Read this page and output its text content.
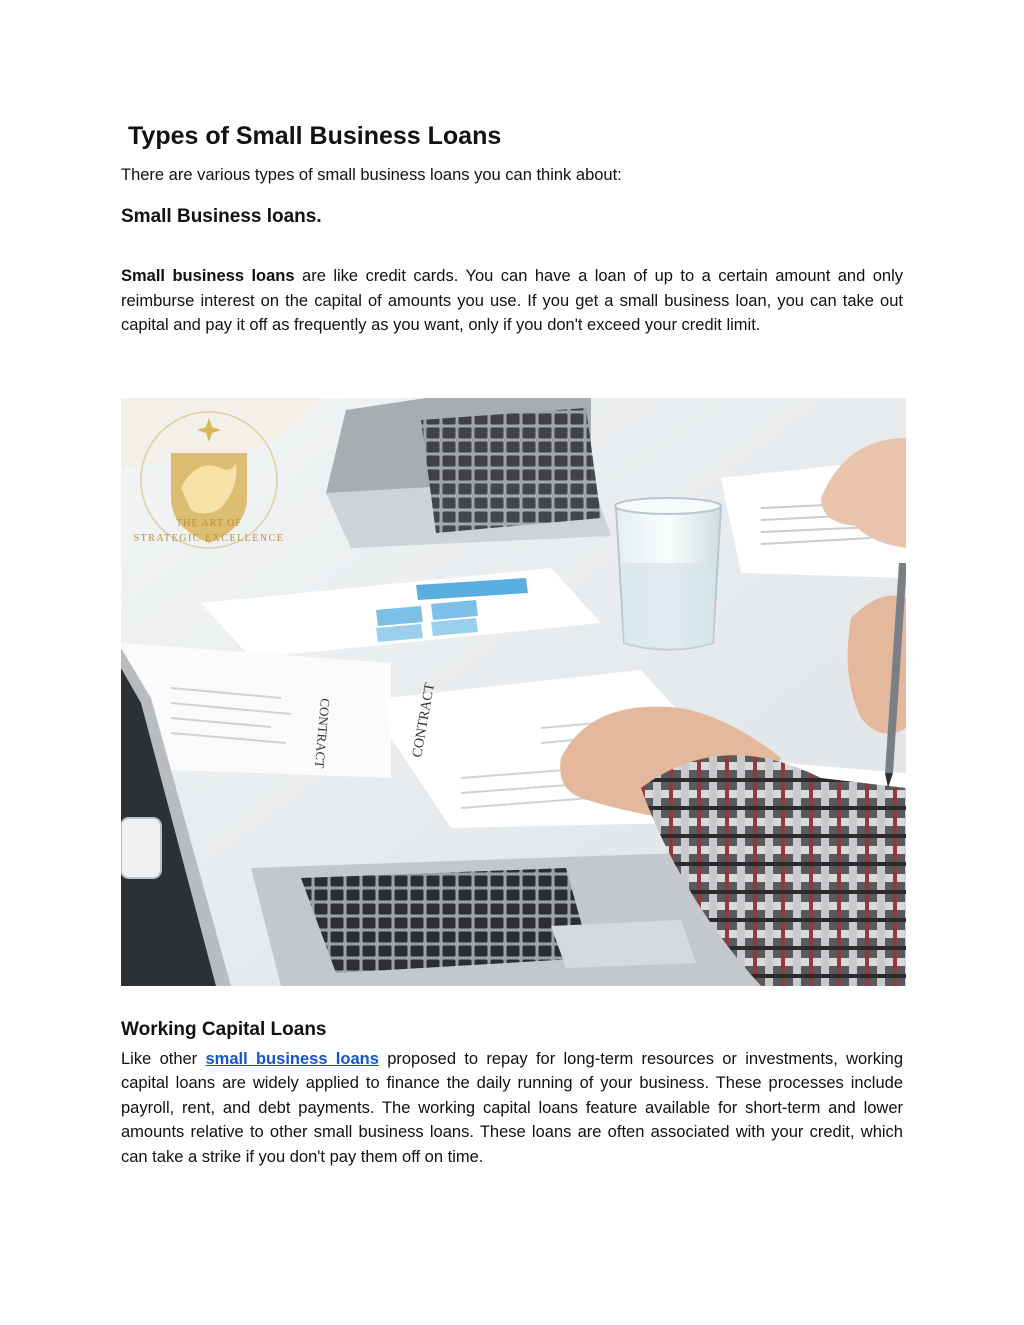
Types of Small Business Loans

There are various types of small business loans you can think about:

Small Business loans.

Small business loans are like credit cards. You can have a loan of up to a certain amount and only reimburse interest on the capital of amounts you use. If you get a small business loan, you can take out capital and pay it off as frequently as you want, only if you don't exceed your credit limit.

CONTRACT	CONTRACT
THE ART OF
STRATEGIC EXCELLENCE
Working Capital Loans

Like other small business loans proposed to repay for long-term resources or investments, working capital loans are widely applied to finance the daily running of your business. These processes include payroll, rent, and debt payments. The working capital loans feature available for short-term and lower amounts relative to other small business loans. These loans are often associated with your credit, which can take a strike if you don't pay them off on time.
